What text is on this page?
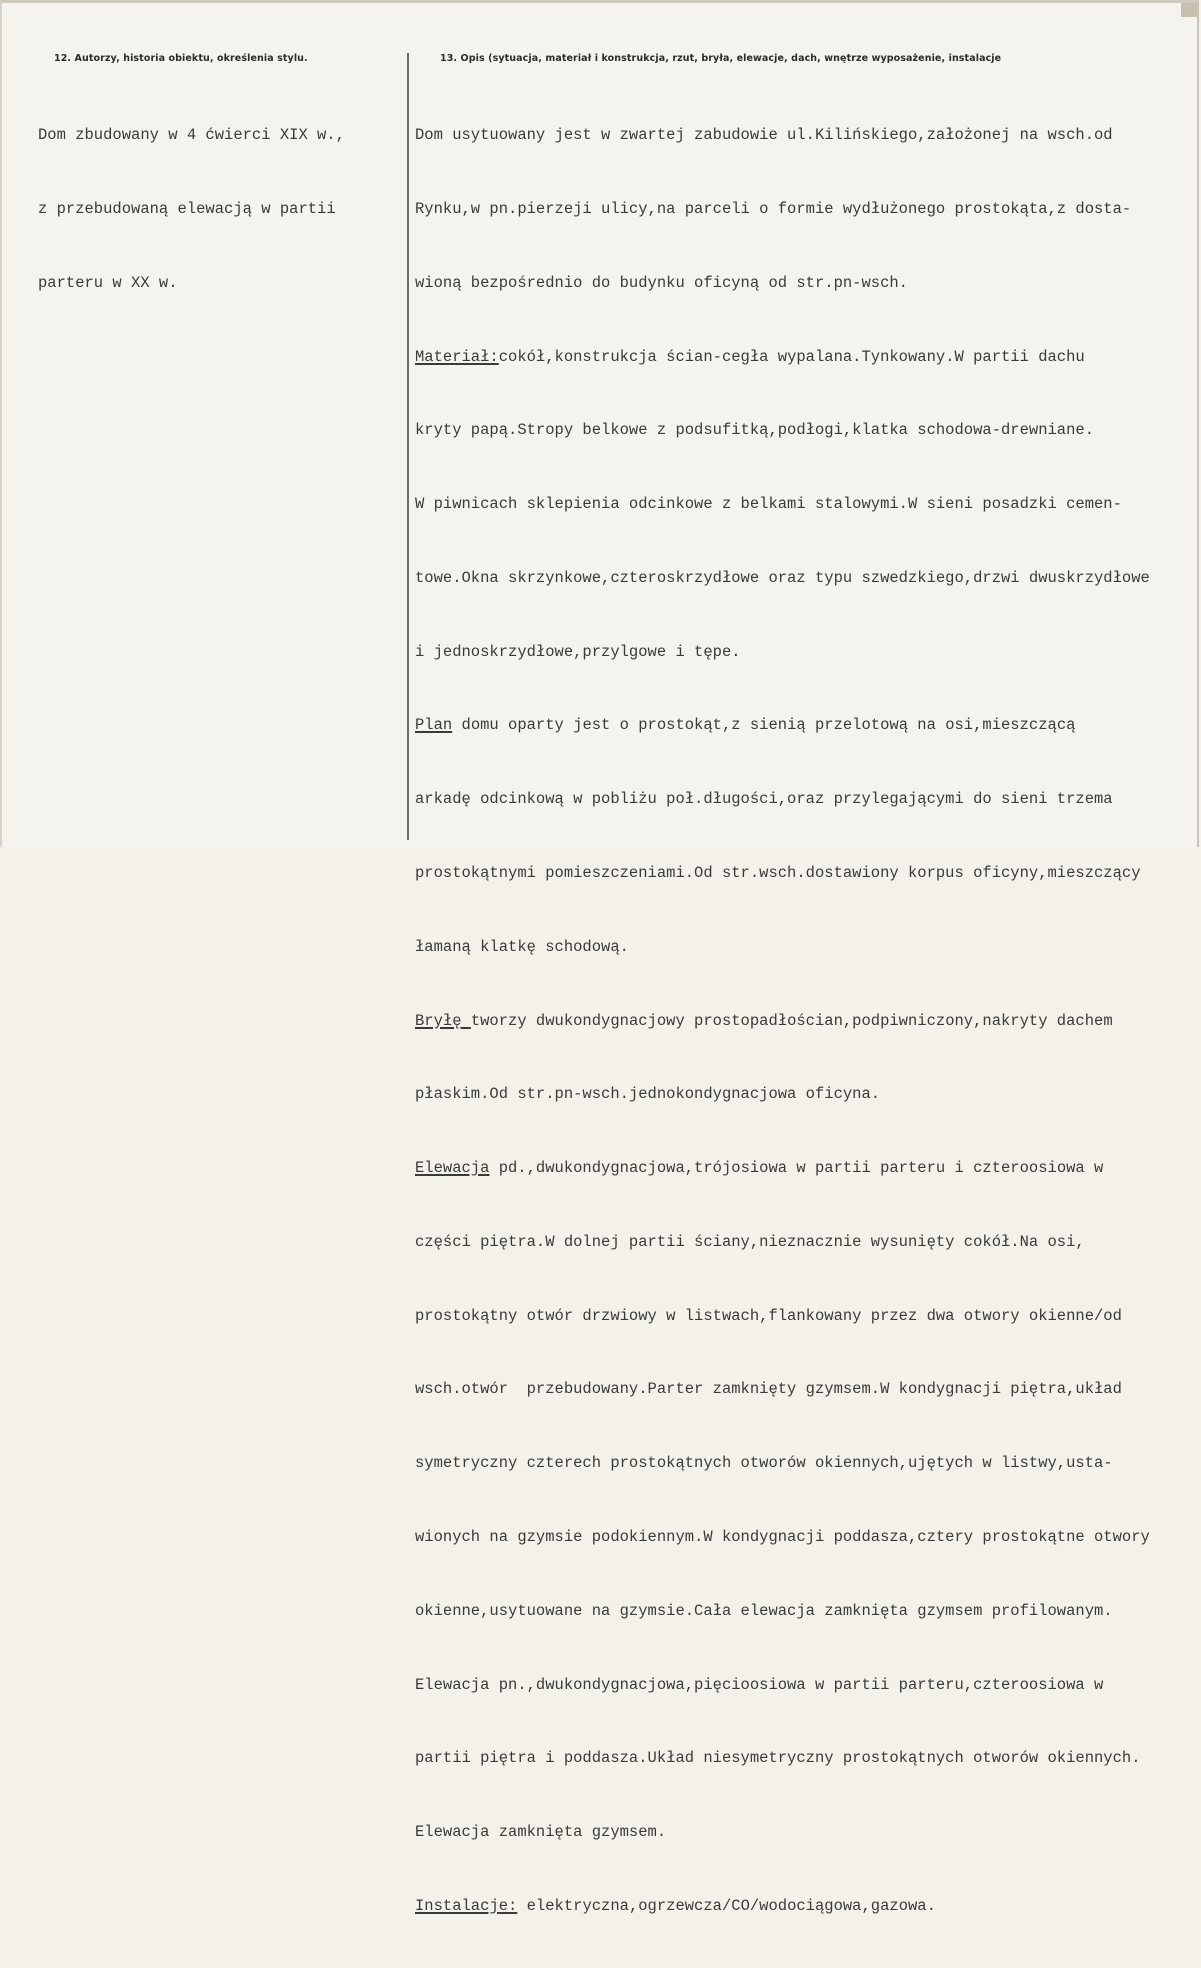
12. Autorzy, historia obiektu, określenia stylu.	13. Opis (sytuacja, materiał i konstrukcja, rzut, bryła, elewacje, dach, wnętrze wyposażenie, instalacje

Dom zbudowany w 4 ćwierci XIX w.,

z przebudowaną elewacją w partii

parteru w XX w.

Dom usytuowany jest w zwartej zabudowie ul.Kilińskiego,założonej na wsch.od

Rynku,w pn.pierzeji ulicy,na parceli o formie wydłużonego prostokąta,z dosta-

wioną bezpośrednio do budynku oficyną od str.pn-wsch.

Materiał:cokół,konstrukcja ścian-cegła wypalana.Tynkowany.W partii dachu

kryty papą.Stropy belkowe z podsufitką,podłogi,klatka schodowa-drewniane.

W piwnicach sklepienia odcinkowe z belkami stalowymi.W sieni posadzki cemen-

towe.Okna skrzynkowe,czteroskrzydłowe oraz typu szwedzkiego,drzwi dwuskrzydłowe

i jednoskrzydłowe,przylgowe i tępe.

Plan domu oparty jest o prostokąt,z sienią przelotową na osi,mieszczącą

arkadę odcinkową w pobliżu poł.długości,oraz przylegającymi do sieni trzema

prostokątnymi pomieszczeniami.Od str.wsch.dostawiony korpus oficyny,mieszczący

łamaną klatkę schodową.

Bryłę tworzy dwukondygnacjowy prostopadłościan,podpiwniczony,nakryty dachem

płaskim.Od str.pn-wsch.jednokondygnacjowa oficyna.

Elewacja pd.,dwukondygnacjowa,trójosiowa w partii parteru i czteroosiowa w

części piętra.W dolnej partii ściany,nieznacznie wysunięty cokół.Na osi,

prostokątny otwór drzwiowy w listwach,flankowany przez dwa otwory okienne/od

wsch.otwór  przebudowany.Parter zamknięty gzymsem.W kondygnacji piętra,układ

symetryczny czterech prostokątnych otworów okiennych,ujętych w listwy,usta-

wionych na gzymsie podokiennym.W kondygnacji poddasza,cztery prostokątne otwory

okienne,usytuowane na gzymsie.Cała elewacja zamknięta gzymsem profilowanym.

Elewacja pn.,dwukondygnacjowa,pięcioosiowa w partii parteru,czteroosiowa w

partii piętra i poddasza.Układ niesymetryczny prostokątnych otworów okiennych.

Elewacja zamknięta gzymsem.

Instalacje: elektryczna,ogrzewcza/CO/wodociągowa,gazowa.
